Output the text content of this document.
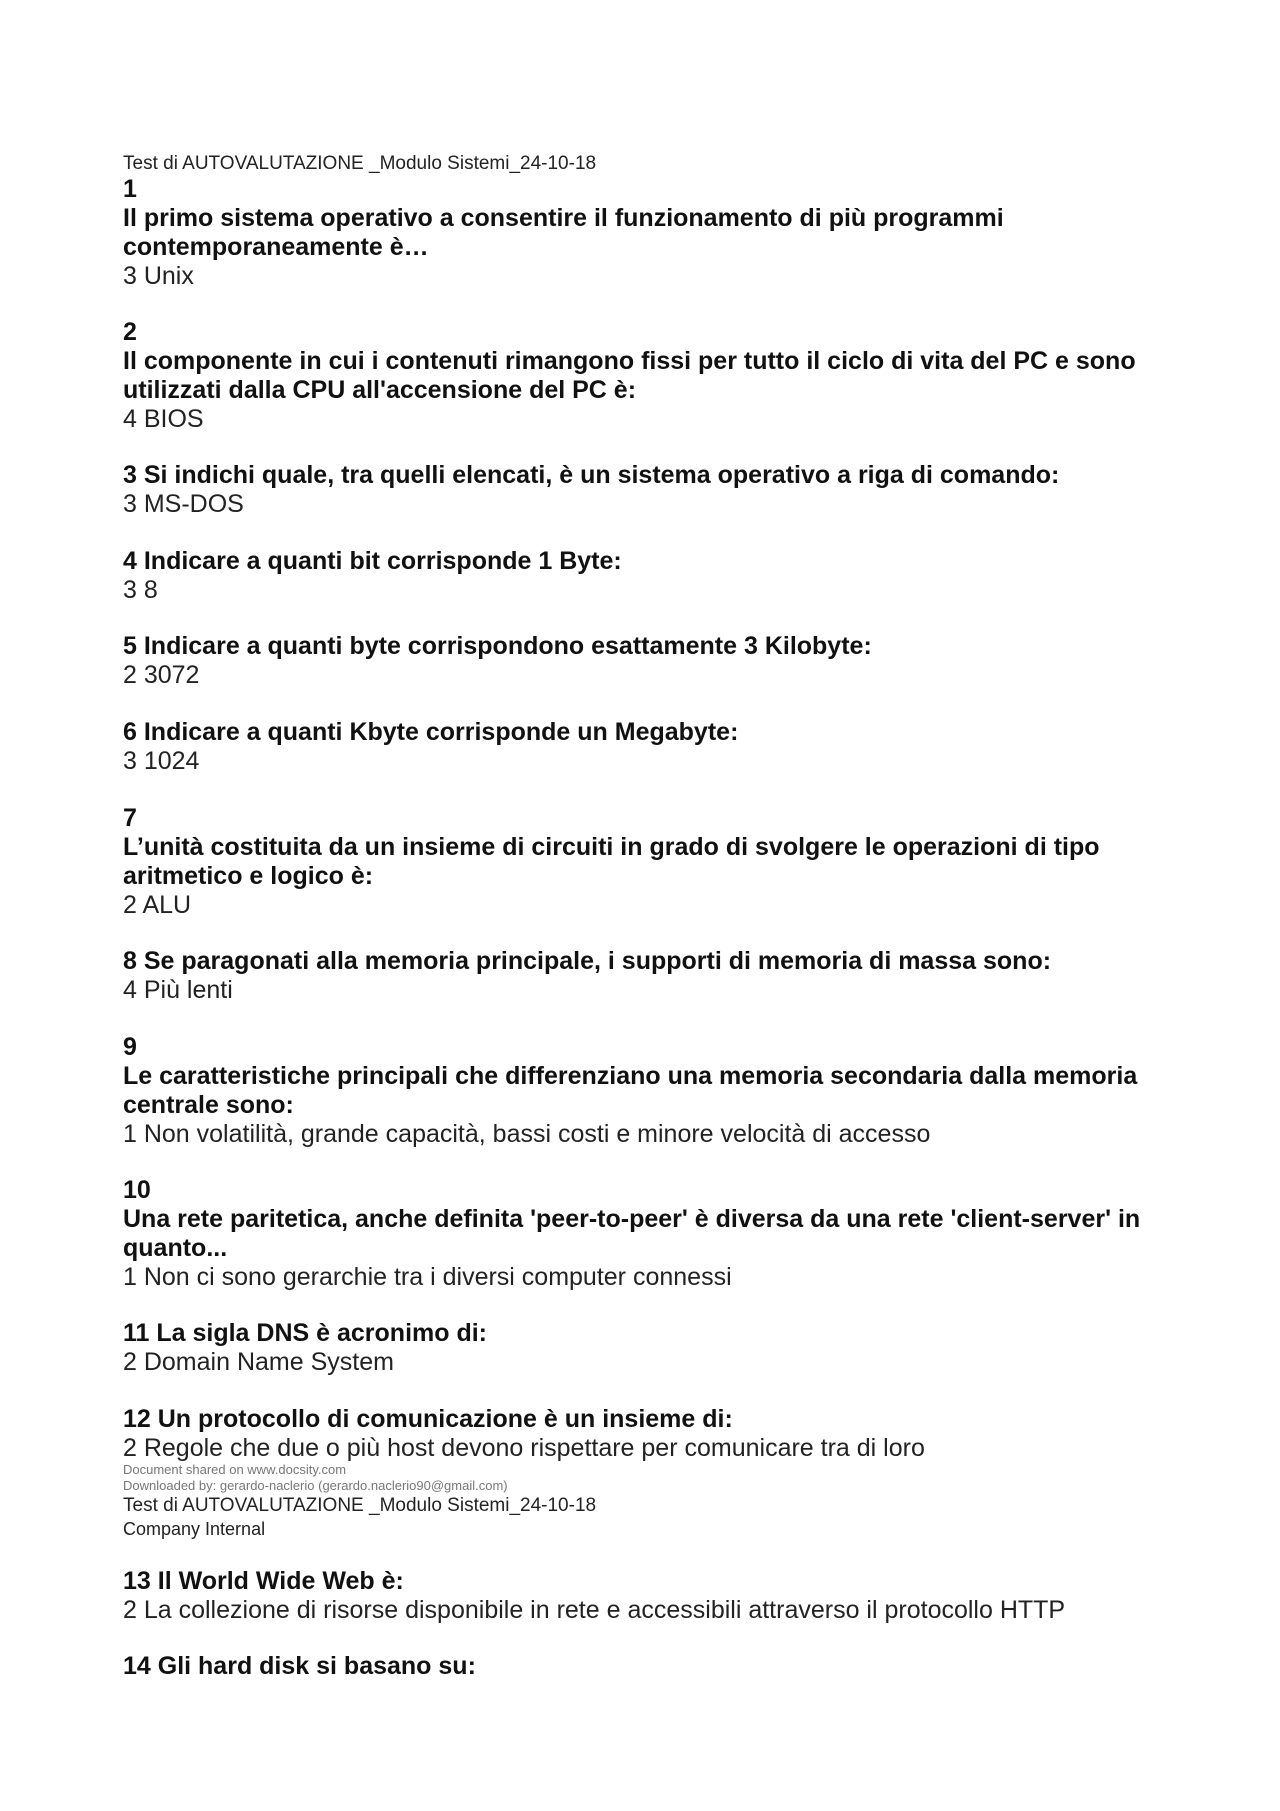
Test di AUTOVALUTAZIONE _Modulo Sistemi_24-10-18

1

Il primo sistema operativo a consentire il funzionamento di più programmi contemporaneamente è…

3 Unix

2

Il componente in cui i contenuti rimangono fissi per tutto il ciclo di vita del PC e sono utilizzati dalla CPU all'accensione del PC è:

4 BIOS

3 Si indichi quale, tra quelli elencati, è un sistema operativo a riga di comando:

3 MS-DOS

4 Indicare a quanti bit corrisponde 1 Byte:

3 8

5 Indicare a quanti byte corrispondono esattamente 3 Kilobyte:

2 3072

6 Indicare a quanti Kbyte corrisponde un Megabyte:

3 1024

7

L’unità costituita da un insieme di circuiti in grado di svolgere le operazioni di tipo aritmetico e logico è:

2 ALU

8 Se paragonati alla memoria principale, i supporti di memoria di massa sono:

4 Più lenti

9

Le caratteristiche principali che differenziano una memoria secondaria dalla memoria centrale sono:

1 Non volatilità, grande capacità, bassi costi e minore velocità di accesso

10

Una rete paritetica, anche definita 'peer-to-peer' è diversa da una rete 'client-server' in quanto...

1 Non ci sono gerarchie tra i diversi computer connessi

11 La sigla DNS è acronimo di:

2 Domain Name System

12 Un protocollo di comunicazione è un insieme di:

2 Regole che due o più host devono rispettare per comunicare tra di loro

Document shared on www.docsity.com
Downloaded by: gerardo-naclerio (gerardo.naclerio90@gmail.com)
Test di AUTOVALUTAZIONE _Modulo Sistemi_24-10-18
Company Internal

13 Il World Wide Web è:

2 La collezione di risorse disponibile in rete e accessibili attraverso il protocollo HTTP

14 Gli hard disk si basano su:
